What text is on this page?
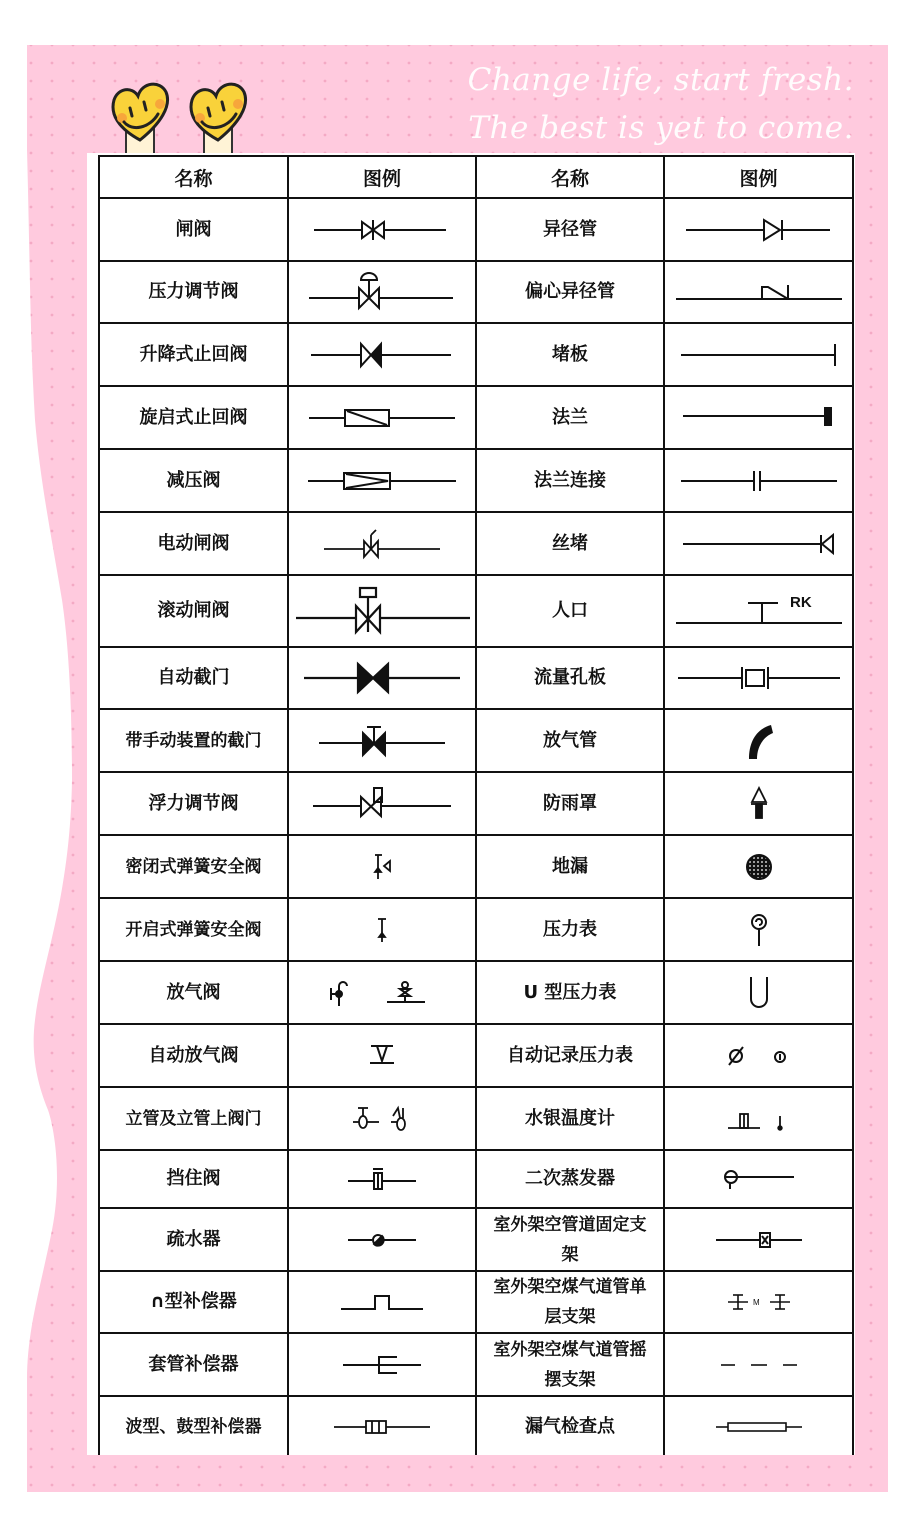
Change life, start fresh.
The best is yet to come.
名称	图例	名称	图例
闸阀		异径管	

压力调节阀		偏心异径管	

升降式止回阀		堵板	

旋启式止回阀		法兰	

减压阀		法兰连接	

电动闸阀		丝堵	

滚动闸阀		人口	RK

自动截门		流量孔板	

带手动装置的截门		放气管	

浮力调节阀		防雨罩	

密闭式弹簧安全阀		地漏	

开启式弹簧安全阀		压力表	

放气阀		U 型压力表	

自动放气阀		自动记录压力表	

立管及立管上阀门		水银温度计	

挡住阀		二次蒸发器	

疏水器		室外架空管道固定支架	

∩型补偿器		室外架空煤气道管单层支架	M

套管补偿器		室外架空煤气道管摇摆支架	

波型、鼓型补偿器		漏气检查点	
